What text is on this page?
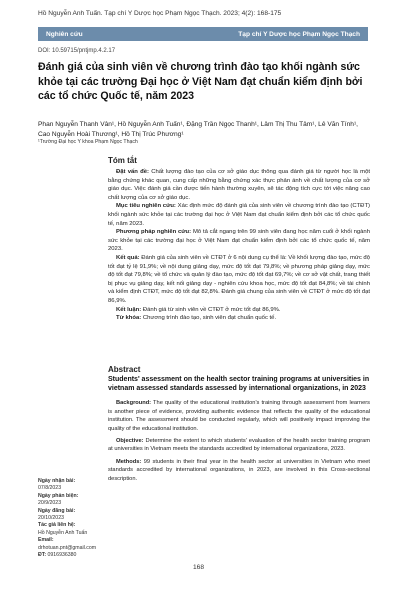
Hồ Nguyễn Anh Tuấn. Tạp chí Y Dược học Phạm Ngọc Thạch. 2023; 4(2): 168-175
Nghiên cứu	Tạp chí Y Dược học Phạm Ngọc Thạch
DOI: 10.59715/pntjmp.4.2.17
Đánh giá của sinh viên về chương trình đào tạo khối ngành sức khỏe tại các trường Đại học ở Việt Nam đạt chuẩn kiểm định bởi các tổ chức Quốc tế, năm 2023
Phan Nguyễn Thanh Vân¹, Hồ Nguyễn Anh Tuấn¹, Đặng Trần Ngọc Thanh¹, Lâm Thị Thu Tâm¹, Lê Văn Tính¹, Cao Nguyễn Hoài Thương¹, Hồ Thị Trúc Phương¹
¹Trường Đại học Y khoa Phạm Ngọc Thạch
Tóm tắt

Đặt vấn đề: Chất lượng đào tạo của cơ sở giáo dục thông qua đánh giá từ người học là một bằng chứng khác quan, cung cấp những bằng chứng xác thực phản ánh về chất lượng của cơ sở giáo dục. Việc đánh giá cần được tiến hành thường xuyên, sẽ tác động tích cực tới việc nâng cao chất lượng của cơ sở giáo dục.

Mục tiêu nghiên cứu: Xác định mức độ đánh giá của sinh viên về chương trình đào tạo (CTĐT) khối ngành sức khỏe tại các trường đại học ở Việt Nam đạt chuẩn kiểm định bởi các tổ chức quốc tế, năm 2023.

Phương pháp nghiên cứu: Mô tả cắt ngang trên 99 sinh viên đang học năm cuối ở khối ngành sức khỏe tại các trường đại học ở Việt Nam đạt chuẩn kiểm định bởi các tổ chức quốc tế, năm 2023.

Kết quả: Đánh giá của sinh viên về CTĐT ở 6 nội dung cụ thể là: Về khối lượng đào tạo, mức độ tốt đạt tỷ lệ 91,9%; về nội dung giảng dạy, mức độ tốt đạt 79,8%; về phương pháp giảng dạy, mức độ tốt đạt 79,8%; về tổ chức và quản lý đào tạo, mức độ tốt đạt 69,7%; về cơ sở vật chất, trang thiết bị phục vụ giảng dạy, kết nối giảng dạy - nghiên cứu khoa học, mức độ tốt đạt 84,8%; về tài chính và kiểm định CTĐT, mức độ tốt đạt 82,8%. Đánh giá chung của sinh viên về CTĐT ở mức độ tốt đạt 86,9%.

Kết luận: Đánh giá từ sinh viên về CTĐT ở mức tốt đạt 86,9%.

Từ khóa: Chương trình đào tạo, sinh viên đạt chuẩn quốc tế.

Abstract
Students' assessment on the health sector training programs at universities in vietnam assessed standards assessed by international organizations, in 2023

Background: The quality of the educational institution's training through assessment from learners is another piece of evidence, providing authentic evidence that reflects the quality of the educational institution. The assessment should be conducted regularly, which will positively impact improving the quality of the educational institution.

Objective: Determine the extent to which students' evaluation of the health sector training program at universities in Vietnam meets the standards accredited by international organizations, 2023.

Methods: 99 students in their final year in the health sector at universities in Vietnam who meet standards accredited by international organizations, in 2023, are involved in this Cross-sectional description.

Ngày nhận bài:
07/8/2023
Ngày phản biện:
20/9/2023
Ngày đăng bài:
20/10/2023
Tác giả liên hệ:
Hồ Nguyễn Anh Tuấn
Email:
drhotuan.pnt@gmail.com
ĐT: 0916936380
168
